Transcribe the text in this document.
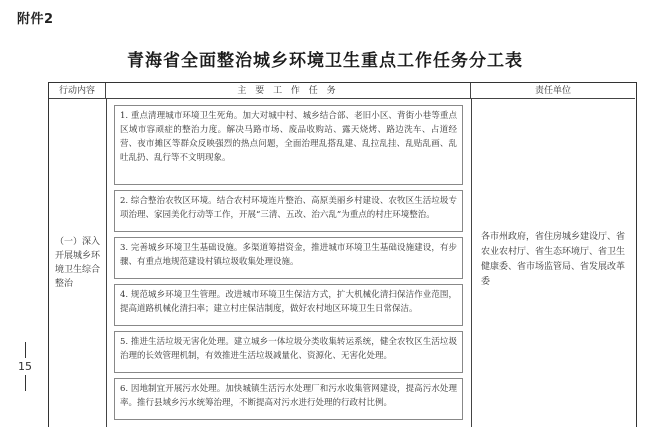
附件2
青海省全面整治城乡环境卫生重点工作任务分工表
行动内容	主 要 工 作 任 务	责任单位
（一）深入开展城乡环境卫生综合整治
1. 重点清理城市环境卫生死角。加大对城中村、城乡结合部、老旧小区、背街小巷等重点区域市容顽症的整治力度。解决马路市场、废品收购站、露天烧烤、路边洗车、占道经营、夜市摊区等群众反映强烈的热点问题，全面治理乱搭乱建、乱拉乱挂、乱贴乱画、乱吐乱扔、乱行等不文明现象。
2. 综合整治农牧区环境。结合农村环境连片整治、高原美丽乡村建设、农牧区生活垃圾专项治理、家园美化行动等工作，开展“三清、五改、治六乱”为重点的村庄环境整治。
3. 完善城乡环境卫生基础设施。多渠道筹措资金，推进城市环境卫生基础设施建设，有步骤、有重点地规范建设村镇垃圾收集处理设施。
4. 规范城乡环境卫生管理。改进城市环境卫生保洁方式，扩大机械化清扫保洁作业范围，提高道路机械化清扫率；建立村庄保洁制度，做好农村地区环境卫生日常保洁。
5. 推进生活垃圾无害化处理。建立城乡一体垃圾分类收集转运系统，健全农牧区生活垃圾治理的长效管理机制，有效推进生活垃圾减量化、资源化、无害化处理。
6. 因地制宜开展污水处理。加快城镇生活污水处理厂和污水收集管网建设，提高污水处理率。推行县域乡污水统筹治理，不断提高对污水进行处理的行政村比例。
各市州政府，省住房城乡建设厅、省农业农村厅、省生态环境厅、省卫生健康委、省市场监管局、省发展改革委
15
